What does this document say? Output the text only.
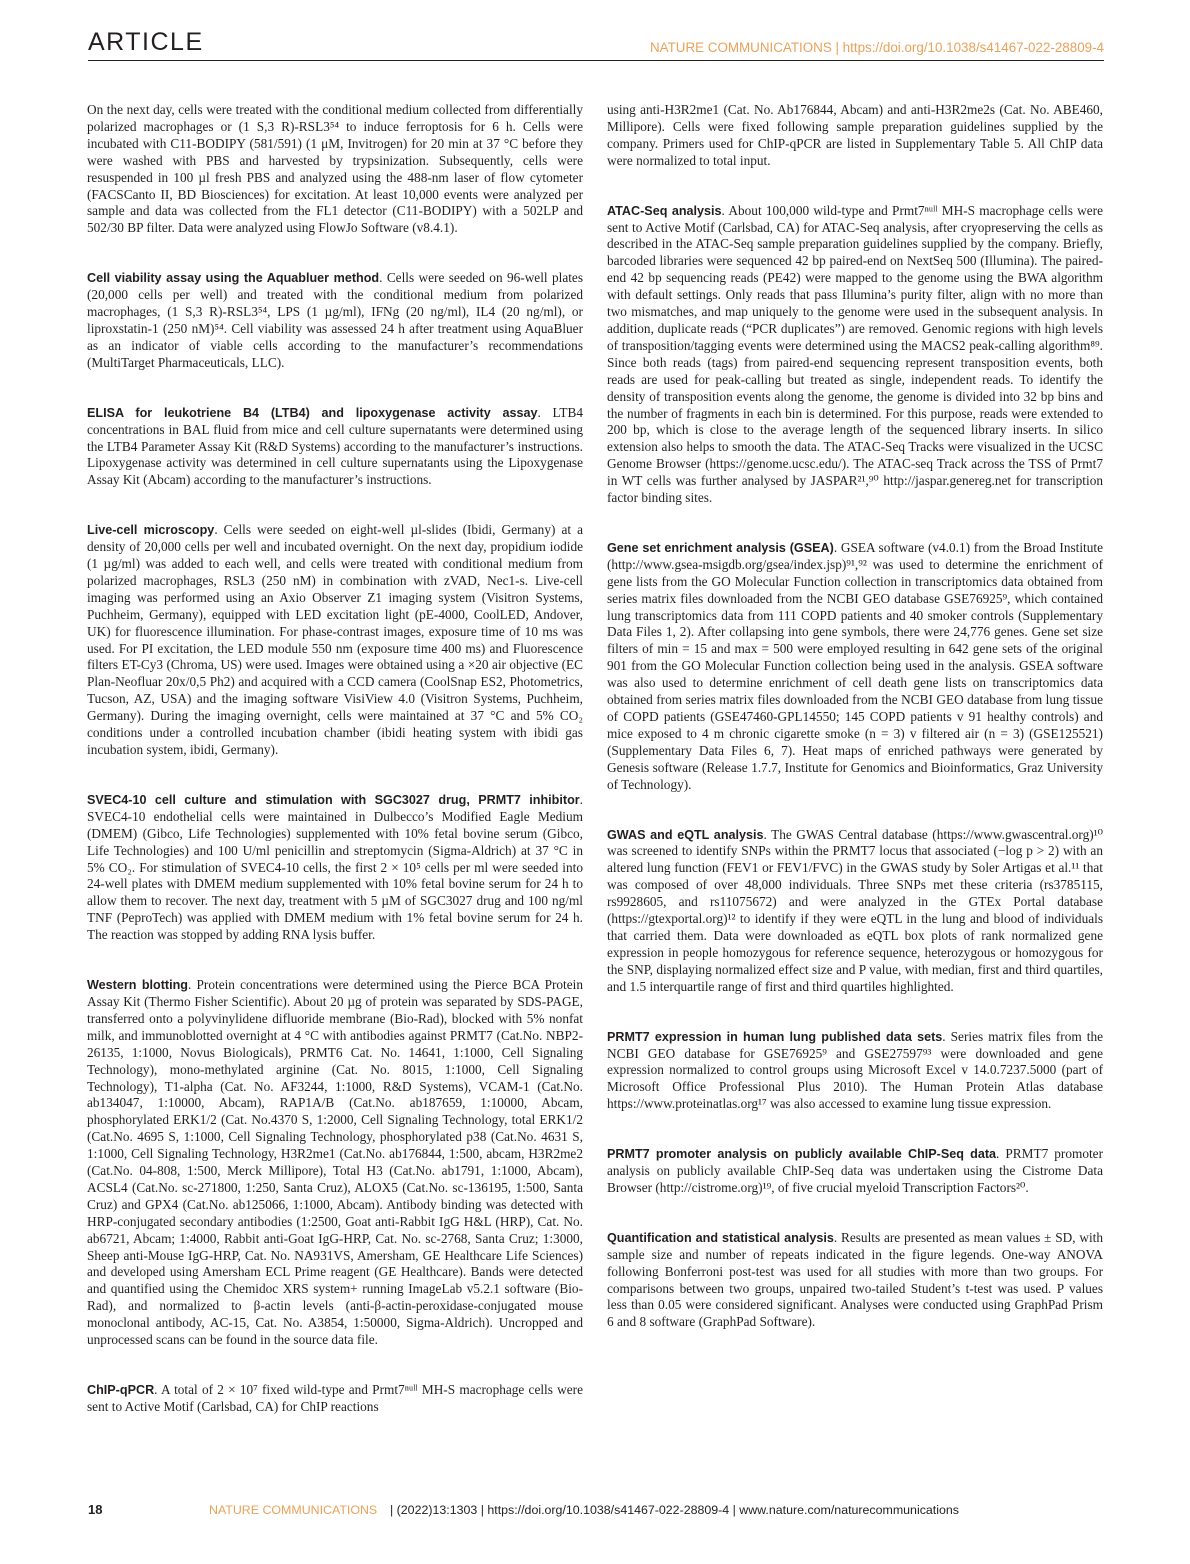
ARTICLE	NATURE COMMUNICATIONS | https://doi.org/10.1038/s41467-022-28809-4

On the next day, cells were treated with the conditional medium collected from differentially polarized macrophages or (1 S,3 R)-RSL3⁵⁴ to induce ferroptosis for 6 h. Cells were incubated with C11-BODIPY (581/591) (1 μM, Invitrogen) for 20 min at 37 °C before they were washed with PBS and harvested by trypsinization. Subsequently, cells were resuspended in 100 µl fresh PBS and analyzed using the 488-nm laser of flow cytometer (FACSCanto II, BD Biosciences) for excitation. At least 10,000 events were analyzed per sample and data was collected from the FL1 detector (C11-BODIPY) with a 502LP and 502/30 BP filter. Data were analyzed using FlowJo Software (v8.4.1).

Cell viability assay using the Aquabluer method. Cells were seeded on 96-well plates (20,000 cells per well) and treated with the conditional medium from polarized macrophages, (1 S,3 R)-RSL3⁵⁴, LPS (1 µg/ml), IFNg (20 ng/ml), IL4 (20 ng/ml), or liproxstatin-1 (250 nM)⁵⁴. Cell viability was assessed 24 h after treatment using AquaBluer as an indicator of viable cells according to the manufacturer’s recommendations (MultiTarget Pharmaceuticals, LLC).

ELISA for leukotriene B4 (LTB4) and lipoxygenase activity assay. LTB4 concentrations in BAL fluid from mice and cell culture supernatants were determined using the LTB4 Parameter Assay Kit (R&D Systems) according to the manufacturer’s instructions. Lipoxygenase activity was determined in cell culture supernatants using the Lipoxygenase Assay Kit (Abcam) according to the manufacturer’s instructions.

Live-cell microscopy. Cells were seeded on eight-well µl-slides (Ibidi, Germany) at a density of 20,000 cells per well and incubated overnight. On the next day, propidium iodide (1 µg/ml) was added to each well, and cells were treated with conditional medium from polarized macrophages, RSL3 (250 nM) in combination with zVAD, Nec1-s. Live-cell imaging was performed using an Axio Observer Z1 imaging system (Visitron Systems, Puchheim, Germany), equipped with LED excitation light (pE-4000, CoolLED, Andover, UK) for fluorescence illumination. For phase-contrast images, exposure time of 10 ms was used. For PI excitation, the LED module 550 nm (exposure time 400 ms) and Fluorescence filters ET-Cy3 (Chroma, US) were used. Images were obtained using a ×20 air objective (EC Plan-Neofluar 20x/0,5 Ph2) and acquired with a CCD camera (CoolSnap ES2, Photometrics, Tucson, AZ, USA) and the imaging software VisiView 4.0 (Visitron Systems, Puchheim, Germany). During the imaging overnight, cells were maintained at 37 °C and 5% CO₂ conditions under a controlled incubation chamber (ibidi heating system with ibidi gas incubation system, ibidi, Germany).

SVEC4-10 cell culture and stimulation with SGC3027 drug, PRMT7 inhibitor. SVEC4-10 endothelial cells were maintained in Dulbecco’s Modified Eagle Medium (DMEM) (Gibco, Life Technologies) supplemented with 10% fetal bovine serum (Gibco, Life Technologies) and 100 U/ml penicillin and streptomycin (Sigma-Aldrich) at 37 °C in 5% CO₂. For stimulation of SVEC4-10 cells, the first 2 × 10⁵ cells per ml were seeded into 24-well plates with DMEM medium supplemented with 10% fetal bovine serum for 24 h to allow them to recover. The next day, treatment with 5 µM of SGC3027 drug and 100 ng/ml TNF (PeproTech) was applied with DMEM medium with 1% fetal bovine serum for 24 h. The reaction was stopped by adding RNA lysis buffer.

Western blotting. Protein concentrations were determined using the Pierce BCA Protein Assay Kit (Thermo Fisher Scientific). About 20 µg of protein was separated by SDS-PAGE, transferred onto a polyvinylidene difluoride membrane (Bio-Rad), blocked with 5% nonfat milk, and immunoblotted overnight at 4 °C with antibodies against PRMT7 (Cat.No. NBP2-26135, 1:1000, Novus Biologicals), PRMT6 Cat. No. 14641, 1:1000, Cell Signaling Technology), mono-methylated arginine (Cat. No. 8015, 1:1000, Cell Signaling Technology), T1-alpha (Cat. No. AF3244, 1:1000, R&D Systems), VCAM-1 (Cat.No. ab134047, 1:10000, Abcam), RAP1A/B (Cat.No. ab187659, 1:10000, Abcam, phosphorylated ERK1/2 (Cat. No.4370 S, 1:2000, Cell Signaling Technology, total ERK1/2 (Cat.No. 4695 S, 1:1000, Cell Signaling Technology, phosphorylated p38 (Cat.No. 4631 S, 1:1000, Cell Signaling Technology, H3R2me1 (Cat.No. ab176844, 1:500, abcam, H3R2me2 (Cat.No. 04-808, 1:500, Merck Millipore), Total H3 (Cat.No. ab1791, 1:1000, Abcam), ACSL4 (Cat.No. sc-271800, 1:250, Santa Cruz), ALOX5 (Cat.No. sc-136195, 1:500, Santa Cruz) and GPX4 (Cat.No. ab125066, 1:1000, Abcam). Antibody binding was detected with HRP-conjugated secondary antibodies (1:2500, Goat anti-Rabbit IgG H&L (HRP), Cat. No. ab6721, Abcam; 1:4000, Rabbit anti-Goat IgG-HRP, Cat. No. sc-2768, Santa Cruz; 1:3000, Sheep anti-Mouse IgG-HRP, Cat. No. NA931VS, Amersham, GE Healthcare Life Sciences) and developed using Amersham ECL Prime reagent (GE Healthcare). Bands were detected and quantified using the Chemidoc XRS system+ running ImageLab v5.2.1 software (Bio-Rad), and normalized to β-actin levels (anti-β-actin-peroxidase-conjugated mouse monoclonal antibody, AC-15, Cat. No. A3854, 1:50000, Sigma-Aldrich). Uncropped and unprocessed scans can be found in the source data file.

ChIP-qPCR. A total of 2 × 10⁷ fixed wild-type and Prmt7ⁿᵘˡˡ MH-S macrophage cells were sent to Active Motif (Carlsbad, CA) for ChIP reactions

using anti-H3R2me1 (Cat. No. Ab176844, Abcam) and anti-H3R2me2s (Cat. No. ABE460, Millipore). Cells were fixed following sample preparation guidelines supplied by the company. Primers used for ChIP-qPCR are listed in Supplementary Table 5. All ChIP data were normalized to total input.

ATAC-Seq analysis. About 100,000 wild-type and Prmt7ⁿᵘˡˡ MH-S macrophage cells were sent to Active Motif (Carlsbad, CA) for ATAC-Seq analysis, after cryopreserving the cells as described in the ATAC-Seq sample preparation guidelines supplied by the company. Briefly, barcoded libraries were sequenced 42 bp paired-end on NextSeq 500 (Illumina). The paired-end 42 bp sequencing reads (PE42) were mapped to the genome using the BWA algorithm with default settings. Only reads that pass Illumina’s purity filter, align with no more than two mismatches, and map uniquely to the genome were used in the subsequent analysis. In addition, duplicate reads (“PCR duplicates”) are removed. Genomic regions with high levels of transposition/tagging events were determined using the MACS2 peak-calling algorithm⁸⁹. Since both reads (tags) from paired-end sequencing represent transposition events, both reads are used for peak-calling but treated as single, independent reads. To identify the density of transposition events along the genome, the genome is divided into 32 bp bins and the number of fragments in each bin is determined. For this purpose, reads were extended to 200 bp, which is close to the average length of the sequenced library inserts. In silico extension also helps to smooth the data. The ATAC-Seq Tracks were visualized in the UCSC Genome Browser (https://genome.ucsc.edu/). The ATAC-seq Track across the TSS of Prmt7 in WT cells was further analysed by JASPAR²¹,⁹⁰ http://jaspar.genereg.net for transcription factor binding sites.

Gene set enrichment analysis (GSEA). GSEA software (v4.0.1) from the Broad Institute (http://www.gsea-msigdb.org/gsea/index.jsp)⁹¹,⁹² was used to determine the enrichment of gene lists from the GO Molecular Function collection in transcriptomics data obtained from series matrix files downloaded from the NCBI GEO database GSE76925⁹, which contained lung transcriptomics data from 111 COPD patients and 40 smoker controls (Supplementary Data Files 1, 2). After collapsing into gene symbols, there were 24,776 genes. Gene set size filters of min = 15 and max = 500 were employed resulting in 642 gene sets of the original 901 from the GO Molecular Function collection being used in the analysis. GSEA software was also used to determine enrichment of cell death gene lists on transcriptomics data obtained from series matrix files downloaded from the NCBI GEO database from lung tissue of COPD patients (GSE47460-GPL14550; 145 COPD patients v 91 healthy controls) and mice exposed to 4 m chronic cigarette smoke (n = 3) v filtered air (n = 3) (GSE125521) (Supplementary Data Files 6, 7). Heat maps of enriched pathways were generated by Genesis software (Release 1.7.7, Institute for Genomics and Bioinformatics, Graz University of Technology).

GWAS and eQTL analysis. The GWAS Central database (https://www.gwascentral.org)¹⁰ was screened to identify SNPs within the PRMT7 locus that associated (−log p > 2) with an altered lung function (FEV1 or FEV1/FVC) in the GWAS study by Soler Artigas et al.¹¹ that was composed of over 48,000 individuals. Three SNPs met these criteria (rs3785115, rs9928605, and rs11075672) and were analyzed in the GTEx Portal database (https://gtexportal.org)¹² to identify if they were eQTL in the lung and blood of individuals that carried them. Data were downloaded as eQTL box plots of rank normalized gene expression in people homozygous for reference sequence, heterozygous or homozygous for the SNP, displaying normalized effect size and P value, with median, first and third quartiles, and 1.5 interquartile range of first and third quartiles highlighted.

PRMT7 expression in human lung published data sets. Series matrix files from the NCBI GEO database for GSE76925⁹ and GSE27597⁹³ were downloaded and gene expression normalized to control groups using Microsoft Excel v 14.0.7237.5000 (part of Microsoft Office Professional Plus 2010). The Human Protein Atlas database https://www.proteinatlas.org¹⁷ was also accessed to examine lung tissue expression.

PRMT7 promoter analysis on publicly available ChIP-Seq data. PRMT7 promoter analysis on publicly available ChIP-Seq data was undertaken using the Cistrome Data Browser (http://cistrome.org)¹⁹, of five crucial myeloid Transcription Factors²⁰.

Quantification and statistical analysis. Results are presented as mean values ± SD, with sample size and number of repeats indicated in the figure legends. One-way ANOVA following Bonferroni post-test was used for all studies with more than two groups. For comparisons between two groups, unpaired two-tailed Student’s t-test was used. P values less than 0.05 were considered significant. Analyses were conducted using GraphPad Prism 6 and 8 software (GraphPad Software).

18	NATURE COMMUNICATIONS | (2022)13:1303 | https://doi.org/10.1038/s41467-022-28809-4 | www.nature.com/naturecommunications
